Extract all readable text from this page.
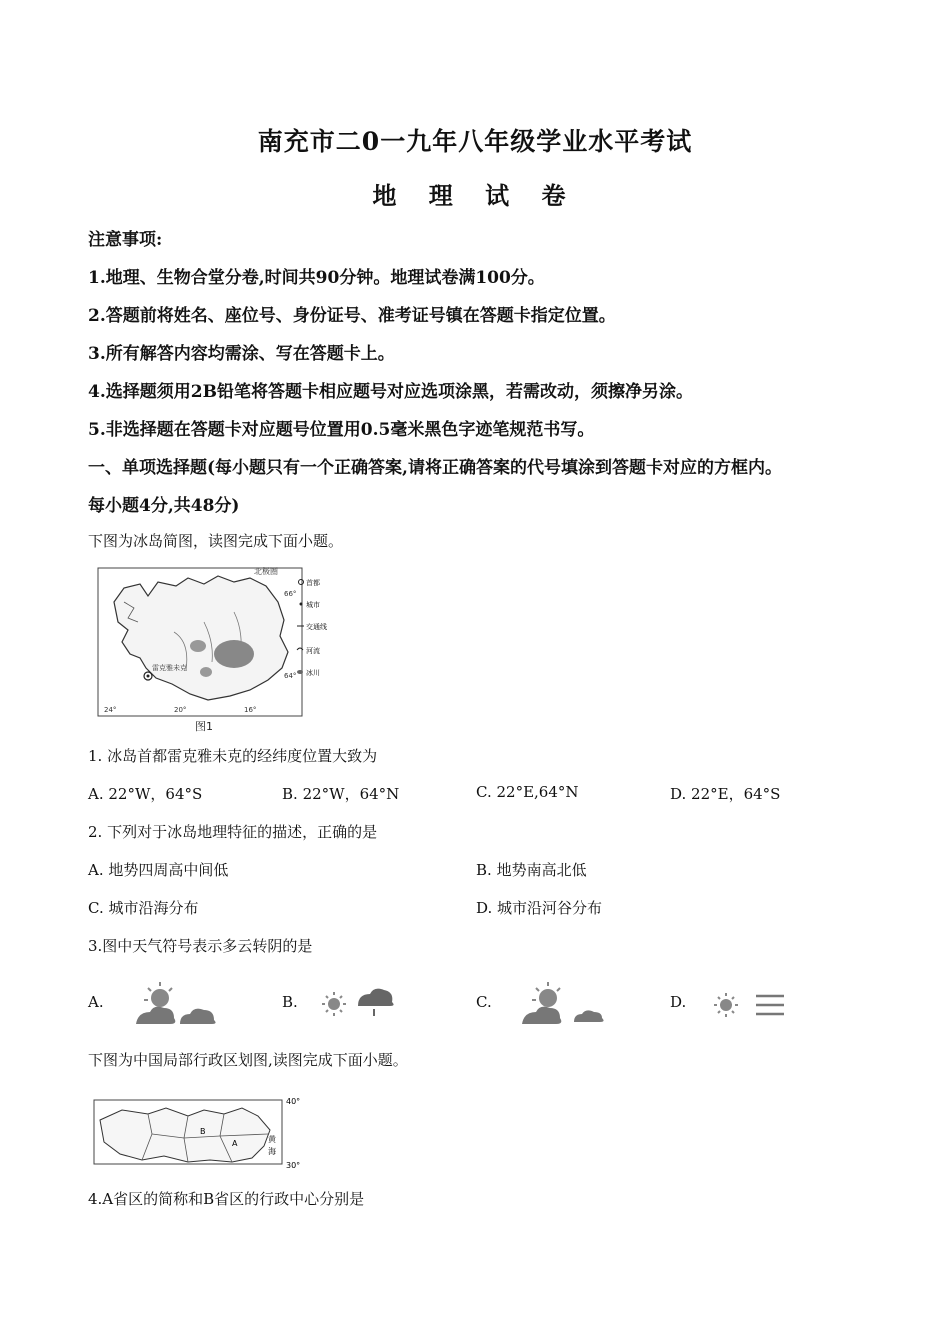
南充市二0一九年八年级学业水平考试
地 理 试 卷
注意事项:
1.地理、生物合堂分卷,时间共90分钟。地理试卷满100分。
2.答题前将姓名、座位号、身份证号、准考证号镇在答题卡指定位置。
3.所有解答内容均需涂、写在答题卡上。
4.选择题须用2B铅笔将答题卡相应题号对应选项涂黑，若需改动，须擦净另涂。
5.非选择题在答题卡对应题号位置用0.5毫米黑色字迹笔规范书写。
一、单项选择题(每小题只有一个正确答案,请将正确答案的代号填涂到答题卡对应的方框内。
每小题4分,共48分)
下图为冰岛简图，读图完成下面小题。
雷克雅未克
北极圈
66°
64°
24°	20°	16°
首都
城市
交通线
河流
冰川
图1
1. 冰岛首都雷克雅未克的经纬度位置大致为
A. 22°W，64°S	B. 22°W，64°N	C. 22°E,64°N	D. 22°E，64°S
2. 下列对于冰岛地理特征的描述，正确的是
A. 地势四周高中间低	B. 地势南高北低
C. 城市沿海分布	D. 城市沿河谷分布
3.图中天气符号表示多云转阴的是
A.	B.	C.	D.
下图为中国局部行政区划图,读图完成下面小题。
B
A	黄
海
40°
30°
4.A省区的简称和B省区的行政中心分别是
